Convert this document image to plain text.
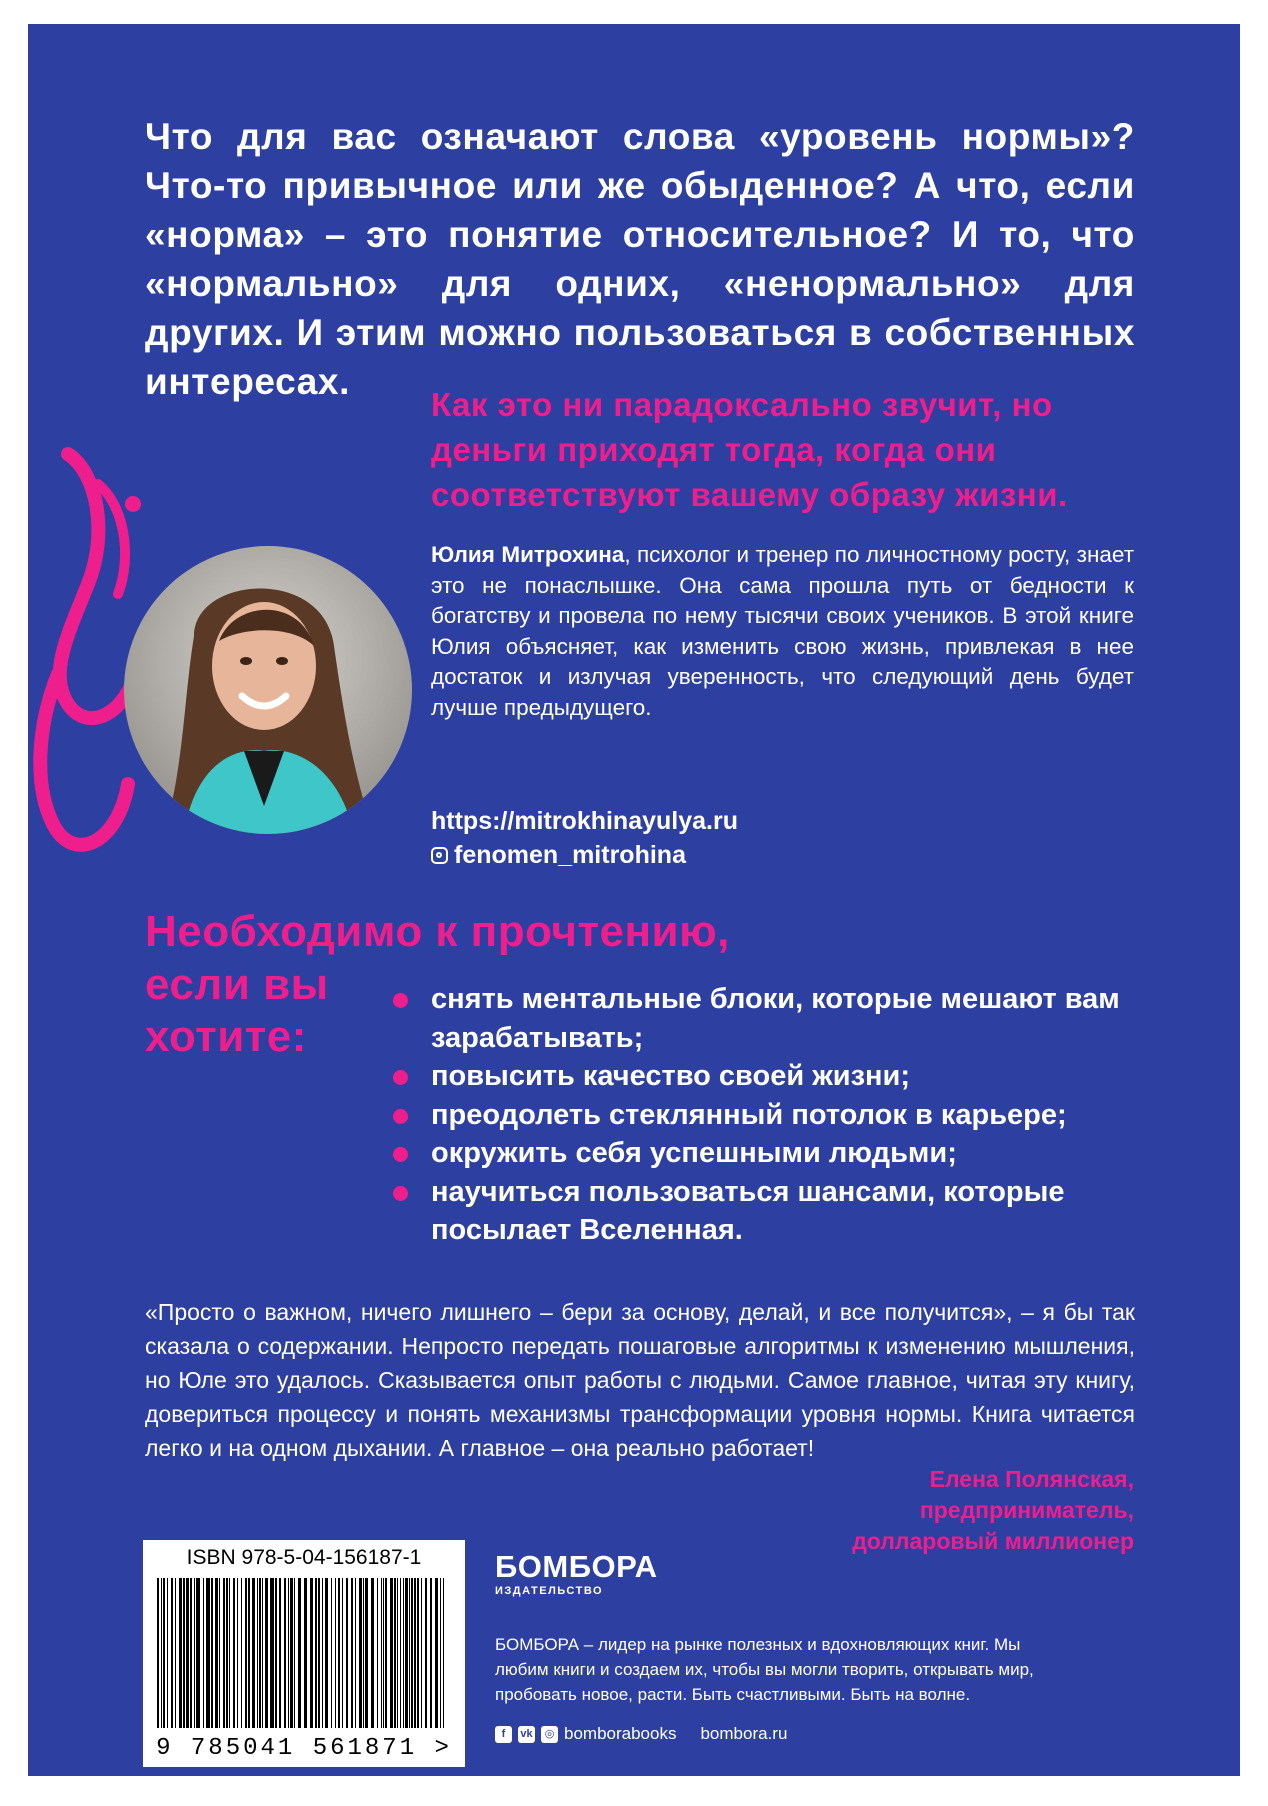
Что для вас означают слова «уровень нормы»? Что-то привычное или же обыденное? А что, если «норма» – это понятие относительное? И то, что «нормально» для одних, «ненормально» для других. И этим можно пользоваться в собственных интересах.
Как это ни парадоксально звучит, но деньги приходят тогда, когда они соответствуют вашему образу жизни.
Юлия Митрохина, психолог и тренер по личностному росту, знает это не понаслышке. Она сама прошла путь от бедности к богатству и провела по нему тысячи своих учеников. В этой книге Юлия объясняет, как изменить свою жизнь, привлекая в нее достаток и излучая уверенность, что следующий день будет лучше предыдущего.
https://mitrokhinayulya.ru
fenomen_mitrohina
Необходимо к прочтению,
если вы хотите:
снять ментальные блоки, которые мешают вам зарабатывать;
повысить качество своей жизни;
преодолеть стеклянный потолок в карьере;
окружить себя успешными людьми;
научиться пользоваться шансами, которые посылает Вселенная.
«Просто о важном, ничего лишнего – бери за основу, делай, и все получится», – я бы так сказала о содержании. Непросто передать пошаговые алгоритмы к изменению мышления, но Юле это удалось. Сказывается опыт работы с людьми. Самое главное, читая эту книгу, довериться процессу и понять механизмы трансформации уровня нормы. Книга читается легко и на одном дыхании. А главное – она реально работает!
Елена Полянская,
предприниматель,
долларовый миллионер
ISBN 978-5-04-156187-1
9 785041 561871 >
БОМБОРА
ИЗДАТЕЛЬСТВО
БОМБОРА – лидер на рынке полезных и вдохновляющих книг. Мы любим книги и создаем их, чтобы вы могли творить, открывать мир, пробовать новое, расти. Быть счастливыми. Быть на волне.
f	vk	◎ bomborabooks bombora.ru
